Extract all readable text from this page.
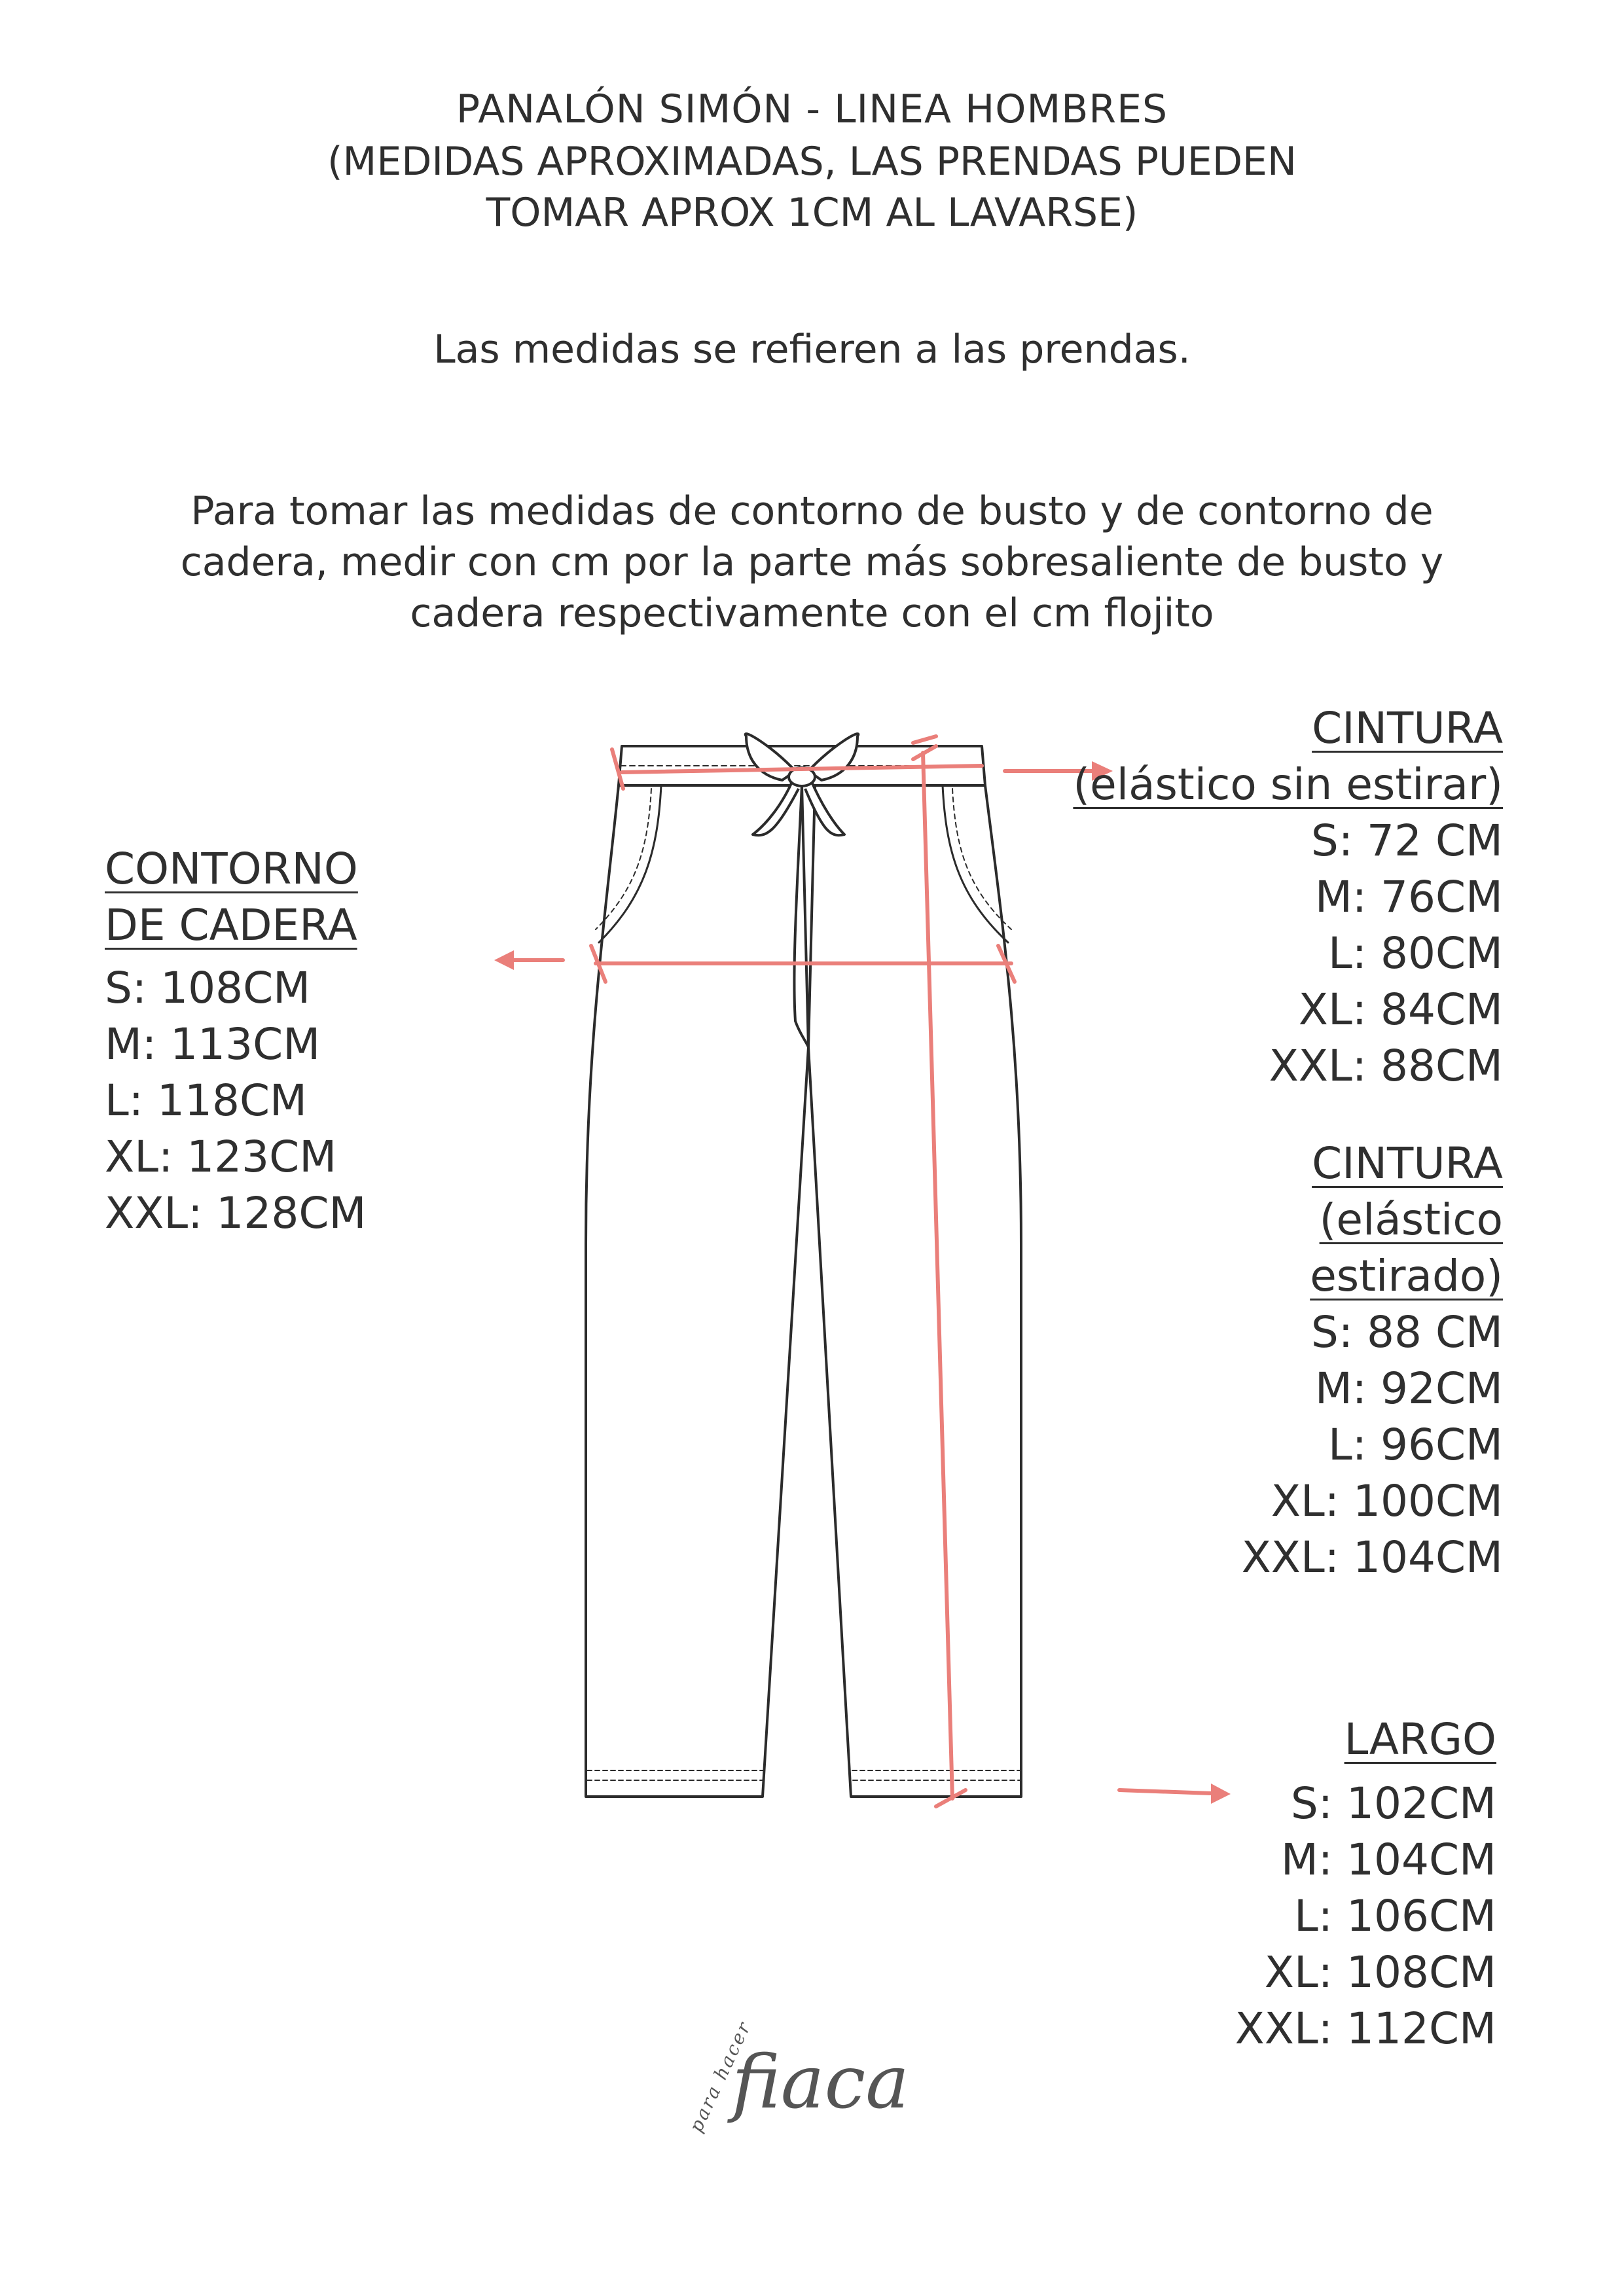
PANALÓN SIMÓN - LINEA HOMBRES
(MEDIDAS APROXIMADAS, LAS PRENDAS PUEDEN
TOMAR APROX 1CM AL LAVARSE)
Las medidas se refieren a las prendas.
Para tomar las medidas de contorno de busto y de contorno de
cadera, medir con cm por la parte más sobresaliente de busto y
cadera respectivamente con el cm flojito
para hacer
fiaca
CONTORNO
DE CADERA
S: 108CM
M: 113CM
L: 118CM
XL: 123CM
XXL: 128CM
CINTURA
(elástico sin estirar)
S: 72 CM
M: 76CM
L: 80CM
XL: 84CM
XXL: 88CM
CINTURA
(elástico
estirado)
S: 88 CM
M: 92CM
L: 96CM
XL: 100CM
XXL: 104CM
LARGO
S: 102CM
M: 104CM
L: 106CM
XL: 108CM
XXL: 112CM
